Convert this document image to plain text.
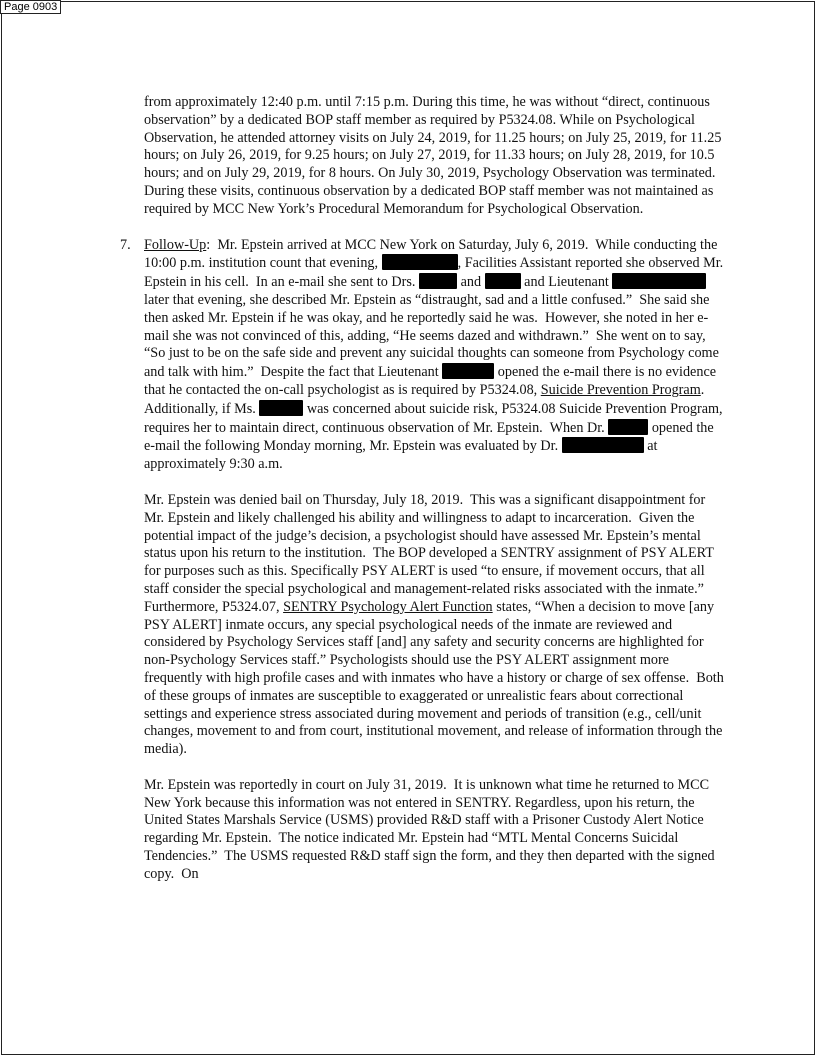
Page 0903

from approximately 12:40 p.m. until 7:15 p.m. During this time, he was without “direct, continuous observation” by a dedicated BOP staff member as required by P5324.08. While on Psychological Observation, he attended attorney visits on July 24, 2019, for 11.25 hours; on July 25, 2019, for 11.25 hours; on July 26, 2019, for 9.25 hours; on July 27, 2019, for 11.33 hours; on July 28, 2019, for 10.5 hours; and on July 29, 2019, for 8 hours. On July 30, 2019, Psychology Observation was terminated.  During these visits, continuous observation by a dedicated BOP staff member was not maintained as required by MCC New York’s Procedural Memorandum for Psychological Observation.

7. Follow-Up:  Mr. Epstein arrived at MCC New York on Saturday, July 6, 2019.  While conducting the 10:00 p.m. institution count that evening,	, Facilities Assistant reported she observed Mr. Epstein in his cell.  In an e-mail she sent to Drs.	and	and Lieutenant	later that evening, she described Mr. Epstein as “distraught, sad and a little confused.”  She said she then asked Mr. Epstein if he was okay, and he reportedly said he was.  However, she noted in her e-mail she was not convinced of this, adding, “He seems dazed and withdrawn.”  She went on to say, “So just to be on the safe side and prevent any suicidal thoughts can someone from Psychology come and talk with him.”  Despite the fact that Lieutenant	opened the e-mail there is no evidence that he contacted the on-call psychologist as is required by P5324.08, Suicide Prevention Program.  Additionally, if Ms.	was concerned about suicide risk, P5324.08 Suicide Prevention Program, requires her to maintain direct, continuous observation of Mr. Epstein.  When Dr.	opened the e-mail the following Monday morning, Mr. Epstein was evaluated by Dr.	at approximately 9:30 a.m.

Mr. Epstein was denied bail on Thursday, July 18, 2019.  This was a significant disappointment for Mr. Epstein and likely challenged his ability and willingness to adapt to incarceration.  Given the potential impact of the judge’s decision, a psychologist should have assessed Mr. Epstein’s mental status upon his return to the institution.  The BOP developed a SENTRY assignment of PSY ALERT for purposes such as this. Specifically PSY ALERT is used “to ensure, if movement occurs, that all staff consider the special psychological and management-related risks associated with the inmate.” Furthermore, P5324.07, SENTRY Psychology Alert Function states, “When a decision to move [any PSY ALERT] inmate occurs, any special psychological needs of the inmate are reviewed and considered by Psychology Services staff [and] any safety and security concerns are highlighted for non-Psychology Services staff.” Psychologists should use the PSY ALERT assignment more frequently with high profile cases and with inmates who have a history or charge of sex offense.  Both of these groups of inmates are susceptible to exaggerated or unrealistic fears about correctional settings and experience stress associated during movement and periods of transition (e.g., cell/unit changes, movement to and from court, institutional movement, and release of information through the media).

Mr. Epstein was reportedly in court on July 31, 2019.  It is unknown what time he returned to MCC New York because this information was not entered in SENTRY. Regardless, upon his return, the United States Marshals Service (USMS) provided R&D staff with a Prisoner Custody Alert Notice regarding Mr. Epstein.  The notice indicated Mr. Epstein had “MTL Mental Concerns Suicidal Tendencies.”  The USMS requested R&D staff sign the form, and they then departed with the signed copy.  On
